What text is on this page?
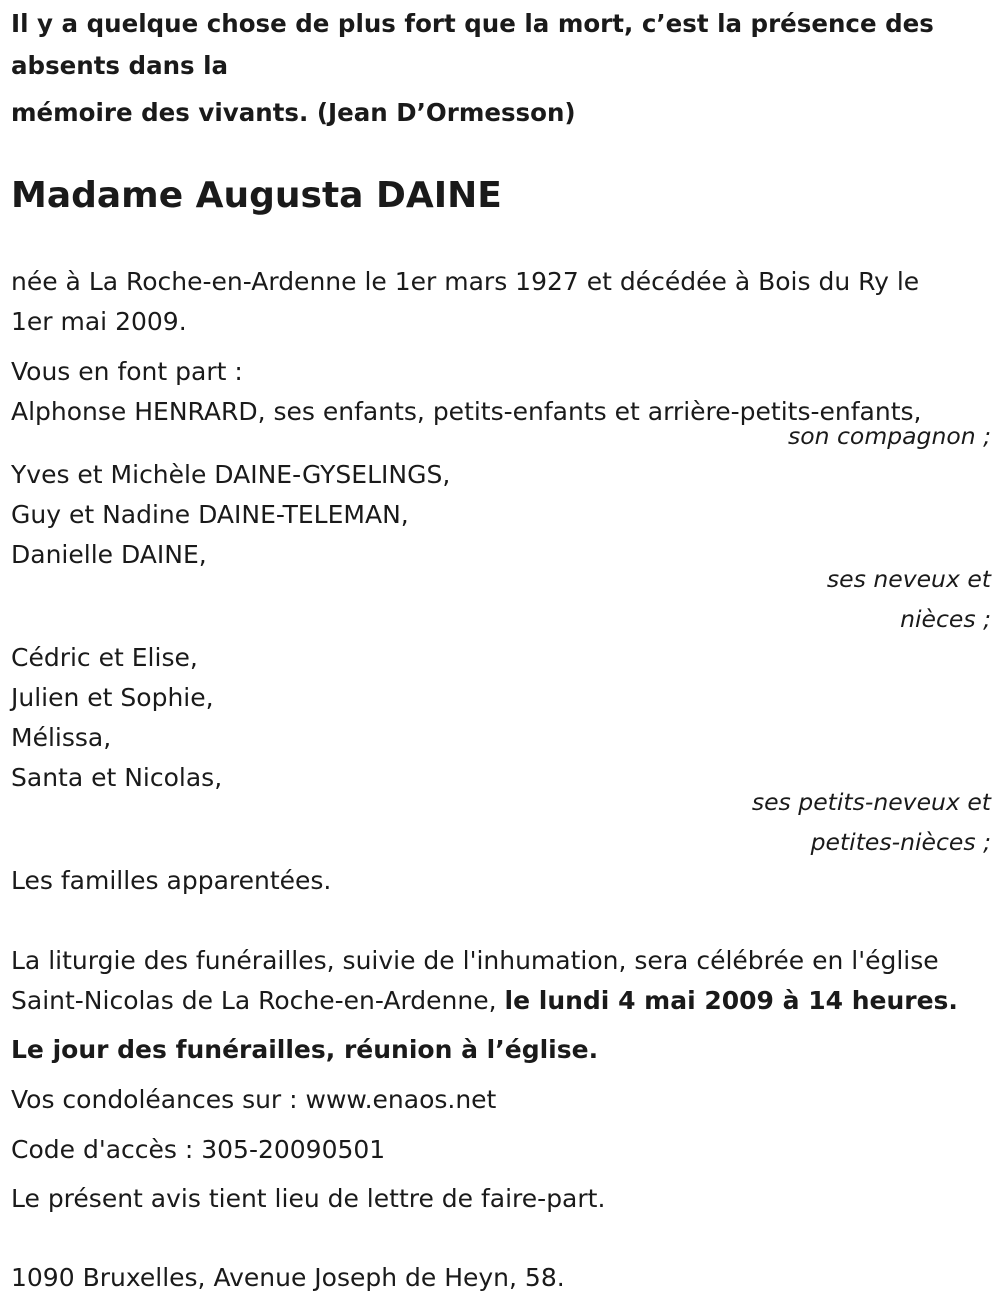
Il y a quelque chose de plus fort que la mort, c’est la présence des
absents dans la
mémoire des vivants. (Jean D’Ormesson)
Madame Augusta DAINE
née à La Roche-en-Ardenne le 1er mars 1927 et décédée à Bois du Ry le
1er mai 2009.
Vous en font part :
Alphonse HENRARD, ses enfants, petits-enfants et arrière-petits-enfants,
son compagnon ;
Yves et Michèle DAINE-GYSELINGS,
Guy et Nadine DAINE-TELEMAN,
Danielle DAINE,
ses neveux et
nièces ;
Cédric et Elise,
Julien et Sophie,
Mélissa,
Santa et Nicolas,
ses petits-neveux et
petites-nièces ;
Les familles apparentées.
La liturgie des funérailles, suivie de l'inhumation, sera célébrée en l'église
Saint-Nicolas de La Roche-en-Ardenne, le lundi 4 mai 2009 à 14 heures.
Le jour des funérailles, réunion à l’église.
Vos condoléances sur : www.enaos.net
Code d'accès : 305-20090501
Le présent avis tient lieu de lettre de faire-part.
1090 Bruxelles, Avenue Joseph de Heyn, 58.
